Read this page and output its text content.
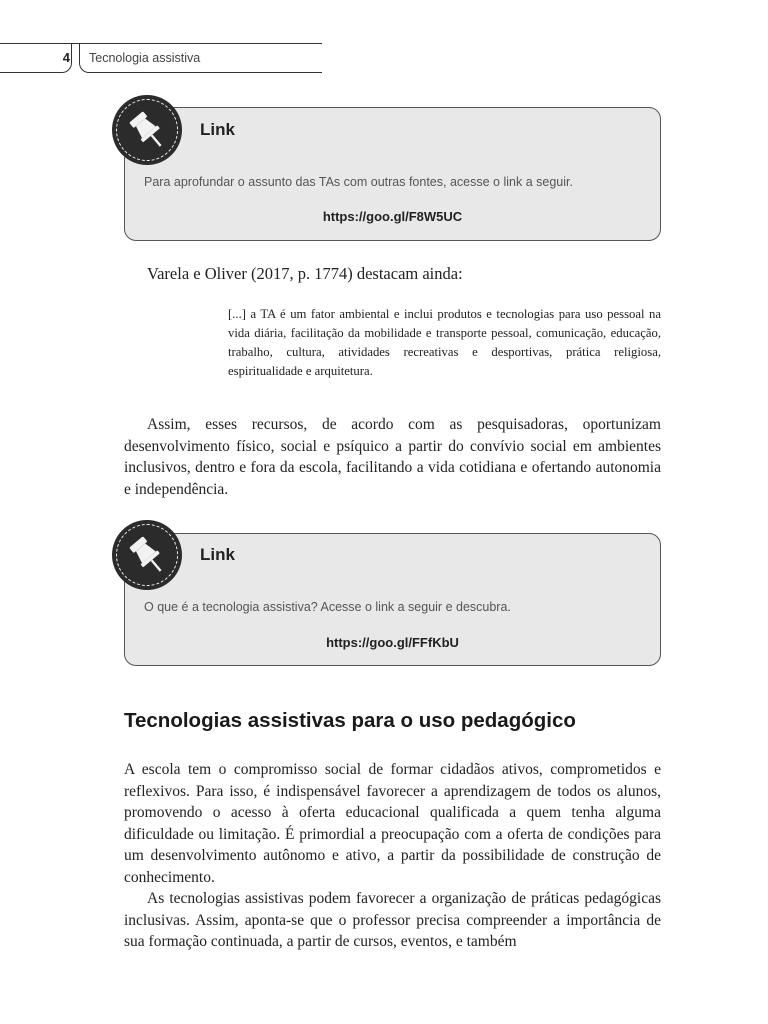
4 Tecnologia assistiva
Link
Para aprofundar o assunto das TAs com outras fontes, acesse o link a seguir.
https://goo.gl/F8W5UC
Varela e Oliver (2017, p. 1774) destacam ainda:
[...] a TA é um fator ambiental e inclui produtos e tecnologias para uso pessoal na vida diária, facilitação da mobilidade e transporte pessoal, comunicação, educação, trabalho, cultura, atividades recreativas e desportivas, prática religiosa, espiritualidade e arquitetura.
Assim, esses recursos, de acordo com as pesquisadoras, oportunizam desenvolvimento físico, social e psíquico a partir do convívio social em ambientes inclusivos, dentro e fora da escola, facilitando a vida cotidiana e ofertando autonomia e independência.
Link
O que é a tecnologia assistiva? Acesse o link a seguir e descubra.
https://goo.gl/FFfKbU
Tecnologias assistivas para o uso pedagógico
A escola tem o compromisso social de formar cidadãos ativos, comprometidos e reflexivos. Para isso, é indispensável favorecer a aprendizagem de todos os alunos, promovendo o acesso à oferta educacional qualificada a quem tenha alguma dificuldade ou limitação. É primordial a preocupação com a oferta de condições para um desenvolvimento autônomo e ativo, a partir da possibilidade de construção de conhecimento.
As tecnologias assistivas podem favorecer a organização de práticas pedagógicas inclusivas. Assim, aponta-se que o professor precisa compreender a importância de sua formação continuada, a partir de cursos, eventos, e também
